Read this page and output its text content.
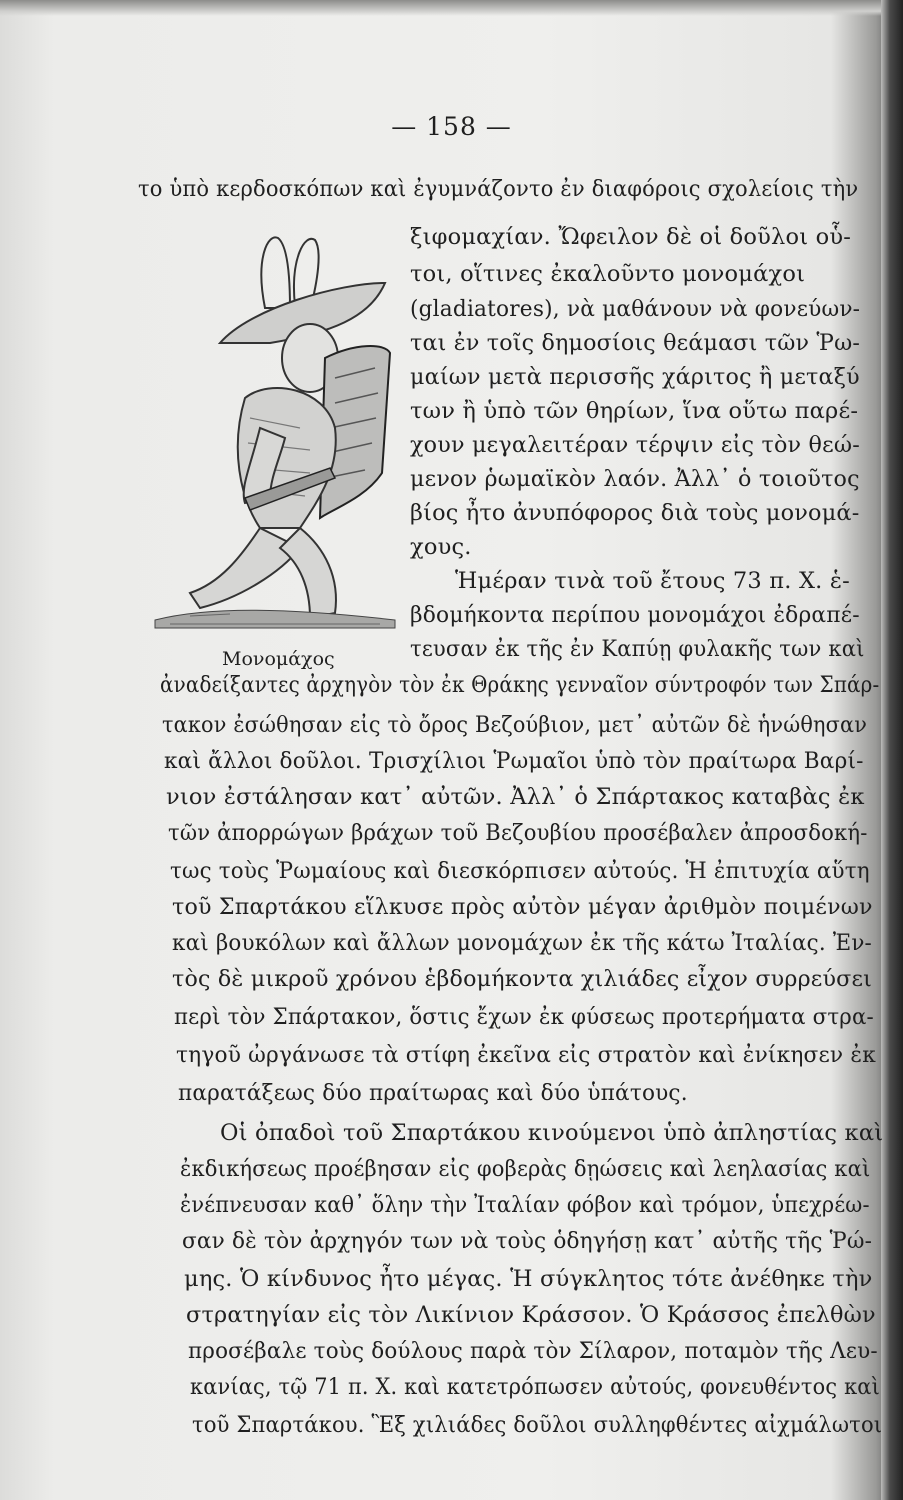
— 158 —
το ὑπὸ κερδοσκόπων καὶ ἐγυμνάζοντο ἐν διαφόροις σχολείοις τὴν
ξιφομαχίαν. Ὤφειλον δὲ οἱ δοῦλοι οὗ-
τοι, οἵτινες ἐκαλοῦντο μονομάχοι
(gladiatores), νὰ μαθάνουν νὰ φονεύων-
ται ἐν τοῖς δημοσίοις θεάμασι τῶν Ῥω-
μαίων μετὰ περισσῆς χάριτος ἢ μεταξύ
των ἢ ὑπὸ τῶν θηρίων, ἵνα οὕτω παρέ-
χουν μεγαλειτέραν τέρψιν εἰς τὸν θεώ-
μενον ῥωμαϊκὸν λαόν. Ἀλλ᾽ ὁ τοιοῦτος
βίος ἦτο ἀνυπόφορος διὰ τοὺς μονομά-
χους.
Ἡμέραν τινὰ τοῦ ἔτους 73 π. Χ. ἑ-
βδομήκοντα περίπου μονομάχοι ἐδραπέ-
τευσαν ἐκ τῆς ἐν Καπύῃ φυλακῆς των καὶ
ἀναδείξαντες ἀρχηγὸν τὸν ἐκ Θράκης γενναῖον σύντροφόν των Σπάρ-
τακον ἐσώθησαν εἰς τὸ ὄρος Βεζούβιον, μετ᾽ αὐτῶν δὲ ἡνώθησαν
καὶ ἄλλοι δοῦλοι. Τρισχίλιοι Ῥωμαῖοι ὑπὸ τὸν πραίτωρα Βαρί-
νιον ἐστάλησαν κατ᾽ αὐτῶν. Ἀλλ᾽ ὁ Σπάρτακος καταβὰς ἐκ
τῶν ἀπορρώγων βράχων τοῦ Βεζουβίου προσέβαλεν ἀπροσδοκή-
τως τοὺς Ῥωμαίους καὶ διεσκόρπισεν αὐτούς. Ἡ ἐπιτυχία αὕτη
τοῦ Σπαρτάκου εἵλκυσε πρὸς αὐτὸν μέγαν ἀριθμὸν ποιμένων
καὶ βουκόλων καὶ ἄλλων μονομάχων ἐκ τῆς κάτω Ἰταλίας. Ἐν-
τὸς δὲ μικροῦ χρόνου ἑβδομήκοντα χιλιάδες εἶχον συρρεύσει
περὶ τὸν Σπάρτακον, ὅστις ἔχων ἐκ φύσεως προτερήματα στρα-
τηγοῦ ὠργάνωσε τὰ στίφη ἐκεῖνα εἰς στρατὸν καὶ ἐνίκησεν ἐκ
παρατάξεως δύο πραίτωρας καὶ δύο ὑπάτους.
Οἱ ὀπαδοὶ τοῦ Σπαρτάκου κινούμενοι ὑπὸ ἀπληστίας καὶ
ἐκδικήσεως προέβησαν εἰς φοβερὰς δῃώσεις καὶ λεηλασίας καὶ
ἐνέπνευσαν καθ᾽ ὅλην τὴν Ἰταλίαν φόβον καὶ τρόμον, ὑπεχρέω-
σαν δὲ τὸν ἀρχηγόν των νὰ τοὺς ὁδηγήσῃ κατ᾽ αὐτῆς τῆς Ῥώ-
μης. Ὁ κίνδυνος ἦτο μέγας. Ἡ σύγκλητος τότε ἀνέθηκε τὴν
στρατηγίαν εἰς τὸν Λικίνιον Κράσσον. Ὁ Κράσσος ἐπελθὼν
προσέβαλε τοὺς δούλους παρὰ τὸν Σίλαρον, ποταμὸν τῆς Λευ-
κανίας, τῷ 71 π. Χ. καὶ κατετρόπωσεν αὐτούς, φονευθέντος καὶ
τοῦ Σπαρτάκου. Ἓξ χιλιάδες δοῦλοι συλληφθέντες αἰχμάλωτοι
Μονομάχος
